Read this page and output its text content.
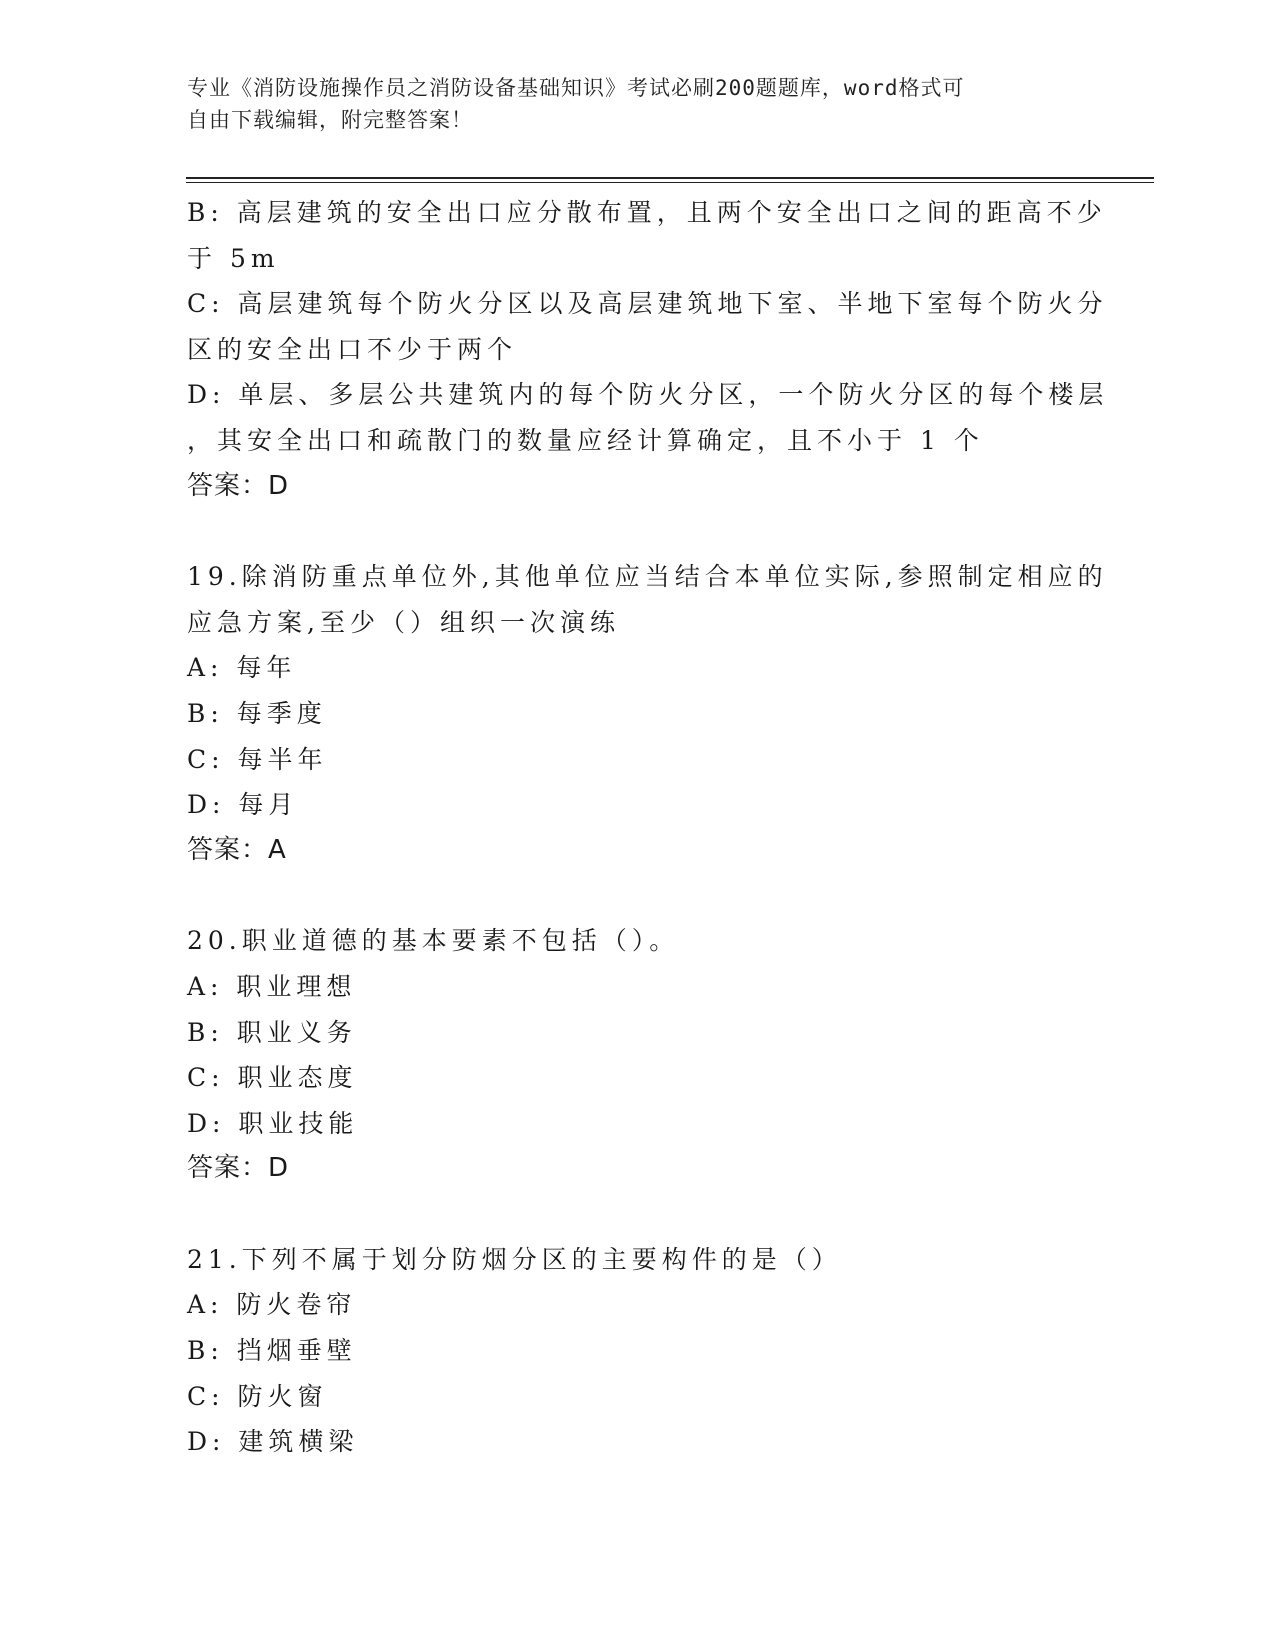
专业《消防设施操作员之消防设备基础知识》考试必刷200题题库，word格式可
自由下载编辑，附完整答案！
B: 高层建筑的安全出口应分散布置，且两个安全出口之间的距高不少
于 5m
C: 高层建筑每个防火分区以及高层建筑地下室、半地下室每个防火分
区的安全出口不少于两个
D: 单层、多层公共建筑内的每个防火分区，一个防火分区的每个楼层
，其安全出口和疏散门的数量应经计算确定，且不小于 1 个
答案：D
19.除消防重点单位外,其他单位应当结合本单位实际,参照制定相应的
应急方案,至少（）组织一次演练
A: 每年
B: 每季度
C: 每半年
D: 每月
答案：A
20.职业道德的基本要素不包括（）。
A: 职业理想
B: 职业义务
C: 职业态度
D: 职业技能
答案：D
21.下列不属于划分防烟分区的主要构件的是（）
A: 防火卷帘
B: 挡烟垂壁
C: 防火窗
D: 建筑横梁
